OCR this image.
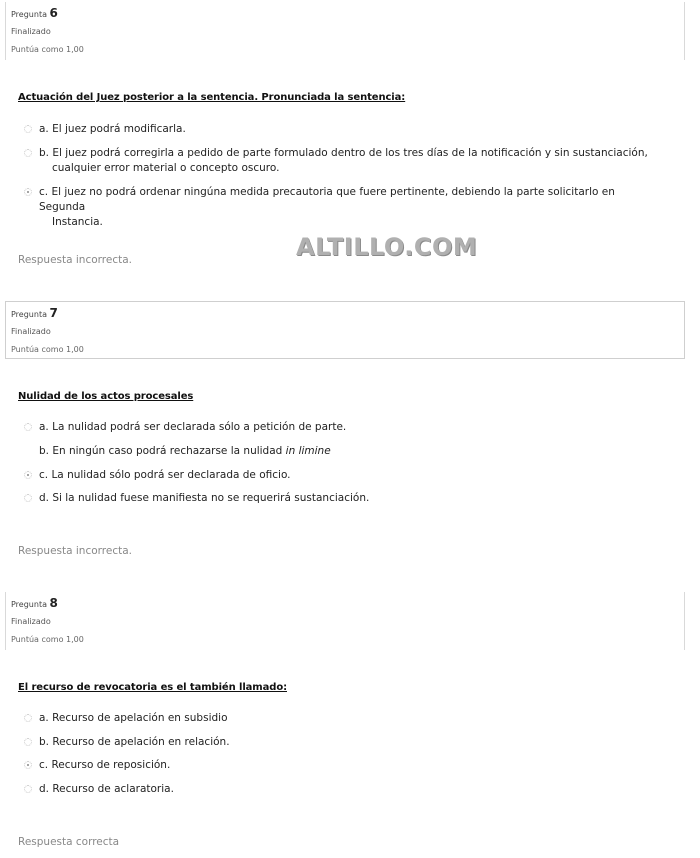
Pregunta 6
Finalizado
Puntúa como 1,00
Actuación del Juez posterior a la sentencia. Pronunciada la sentencia:
a. El juez podrá modificarla.
b. El juez podrá corregirla a pedido de parte formulado dentro de los tres días de la notificación y sin sustanciación,
cualquier error material o concepto oscuro.
c. El juez no podrá ordenar ningúna medida precautoria que fuere pertinente, debiendo la parte solicitarlo en Segunda
Instancia.
Respuesta incorrecta.	ALTILLO.COM
Pregunta 7
Finalizado
Puntúa como 1,00
Nulidad de los actos procesales
a. La nulidad podrá ser declarada sólo a petición de parte.
b. En ningún caso podrá rechazarse la nulidad in limine
c. La nulidad sólo podrá ser declarada de oficio.
d. Si la nulidad fuese manifiesta no se requerirá sustanciación.
Respuesta incorrecta.
Pregunta 8
Finalizado
Puntúa como 1,00
El recurso de revocatoria es el también llamado:
a. Recurso de apelación en subsidio
b. Recurso de apelación en relación.
c. Recurso de reposición.
d. Recurso de aclaratoria.
Respuesta correcta
